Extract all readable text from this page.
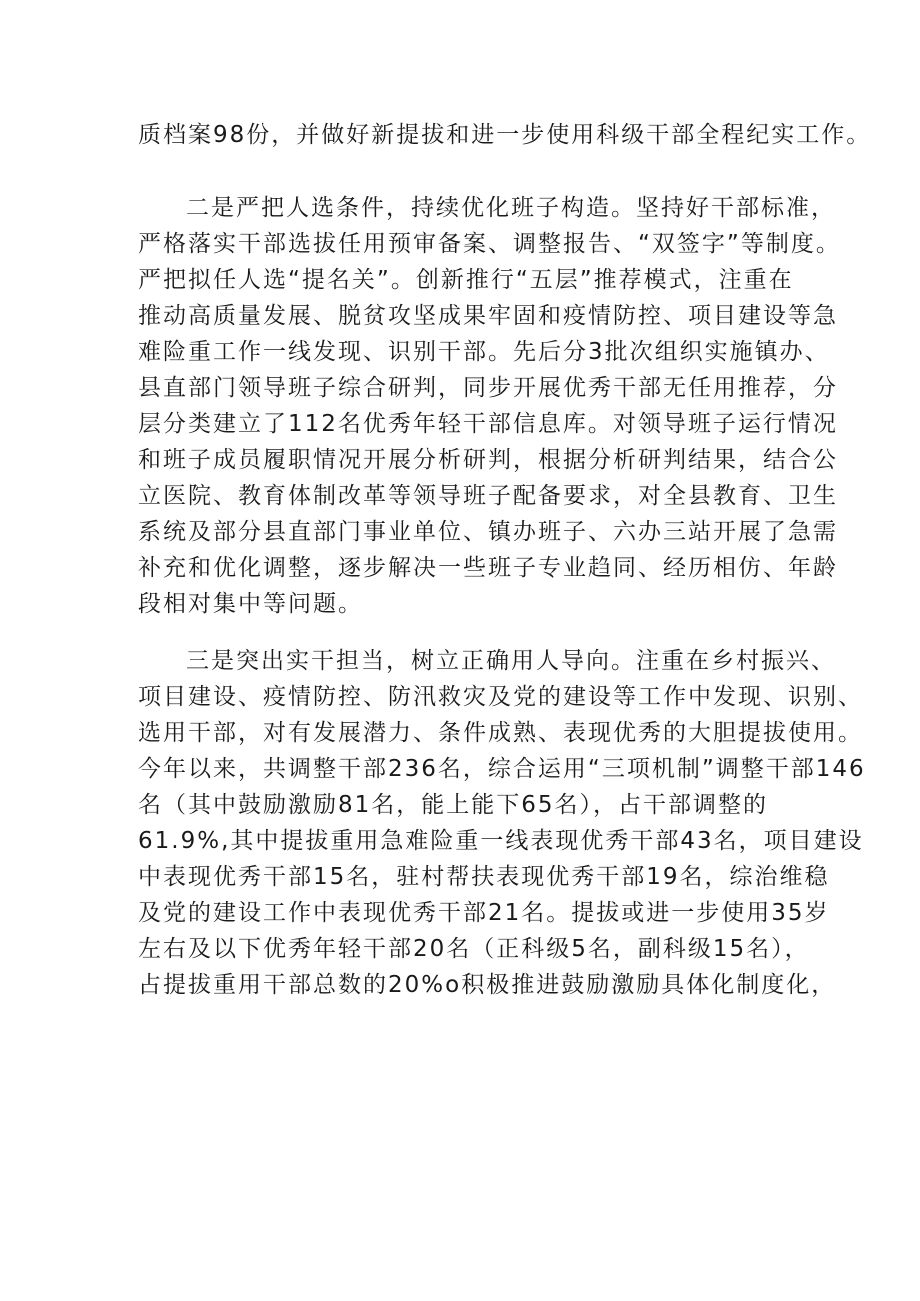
质档案98份，并做好新提拔和进一步使用科级干部全程纪实工作。
二是严把人选条件，持续优化班子构造。坚持好干部标准，
严格落实干部选拔任用预审备案、调整报告、“双签字”等制度。
严把拟任人选“提名关”。创新推行“五层”推荐模式，注重在
推动高质量发展、脱贫攻坚成果牢固和疫情防控、项目建设等急
难险重工作一线发现、识别干部。先后分3批次组织实施镇办、
县直部门领导班子综合研判，同步开展优秀干部无任用推荐，分
层分类建立了112名优秀年轻干部信息库。对领导班子运行情况
和班子成员履职情况开展分析研判，根据分析研判结果，结合公
立医院、教育体制改革等领导班子配备要求，对全县教育、卫生
系统及部分县直部门事业单位、镇办班子、六办三站开展了急需
补充和优化调整，逐步解决一些班子专业趋同、经历相仿、年龄
段相对集中等问题。
三是突出实干担当，树立正确用人导向。注重在乡村振兴、
项目建设、疫情防控、防汛救灾及党的建设等工作中发现、识别、
选用干部，对有发展潜力、条件成熟、表现优秀的大胆提拔使用。
今年以来，共调整干部236名，综合运用“三项机制”调整干部146
名（其中鼓励激励81名，能上能下65名），占干部调整的
61.9%,其中提拔重用急难险重一线表现优秀干部43名，项目建设
中表现优秀干部15名，驻村帮扶表现优秀干部19名，综治维稳
及党的建设工作中表现优秀干部21名。提拔或进一步使用35岁
左右及以下优秀年轻干部20名（正科级5名，副科级15名），
占提拔重用干部总数的20%o积极推进鼓励激励具体化制度化，
